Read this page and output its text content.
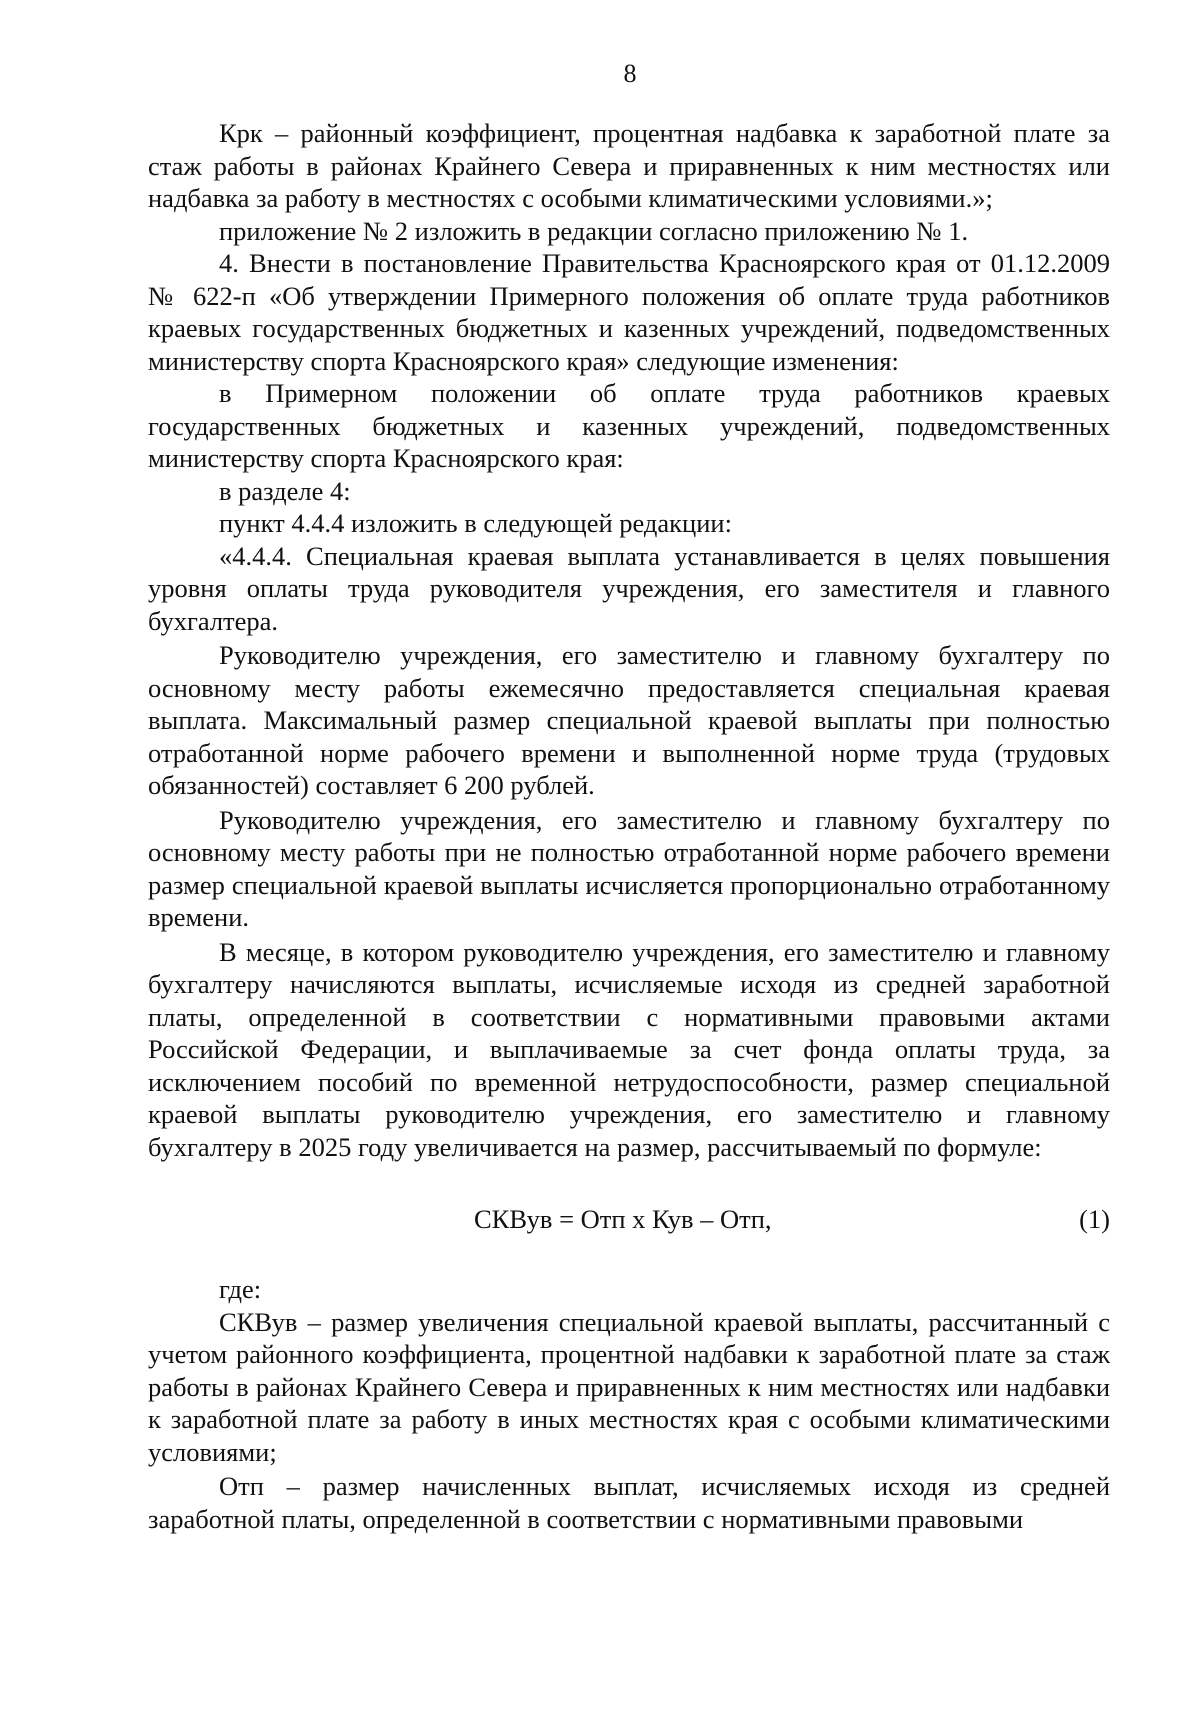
8

Крк – районный коэффициент, процентная надбавка к заработной плате за стаж работы в районах Крайнего Севера и приравненных к ним местностях или надбавка за работу в местностях с особыми климатическими условиями.»;

приложение № 2 изложить в редакции согласно приложению № 1.

4. Внести в постановление Правительства Красноярского края от 01.12.2009 № 622-п «Об утверждении Примерного положения об оплате труда работников краевых государственных бюджетных и казенных учреждений, подведомственных министерству спорта Красноярского края» следующие изменения:

в Примерном положении об оплате труда работников краевых государственных бюджетных и казенных учреждений, подведомственных министерству спорта Красноярского края:

в разделе 4:

пункт 4.4.4 изложить в следующей редакции:

«4.4.4. Специальная краевая выплата устанавливается в целях повышения уровня оплаты труда руководителя учреждения, его заместителя и главного бухгалтера.

Руководителю учреждения, его заместителю и главному бухгалтеру по основному месту работы ежемесячно предоставляется специальная краевая выплата. Максимальный размер специальной краевой выплаты при полностью отработанной норме рабочего времени и выполненной норме труда (трудовых обязанностей) составляет 6 200 рублей.

Руководителю учреждения, его заместителю и главному бухгалтеру по основному месту работы при не полностью отработанной норме рабочего времени размер специальной краевой выплаты исчисляется пропорционально отработанному времени.

В месяце, в котором руководителю учреждения, его заместителю и главному бухгалтеру начисляются выплаты, исчисляемые исходя из средней заработной платы, определенной в соответствии с нормативными правовыми актами Российской Федерации, и выплачиваемые за счет фонда оплаты труда, за исключением пособий по временной нетрудоспособности, размер специальной краевой выплаты руководителю учреждения, его заместителю и главному бухгалтеру в 2025 году увеличивается на размер, рассчитываемый по формуле:

СКВув = Отп х Кув – Отп,	(1)

где:

СКВув – размер увеличения специальной краевой выплаты, рассчитанный с учетом районного коэффициента, процентной надбавки к заработной плате за стаж работы в районах Крайнего Севера и приравненных к ним местностях или надбавки к заработной плате за работу в иных местностях края с особыми климатическими условиями;

Отп – размер начисленных выплат, исчисляемых исходя из средней заработной платы, определенной в соответствии с нормативными правовыми
